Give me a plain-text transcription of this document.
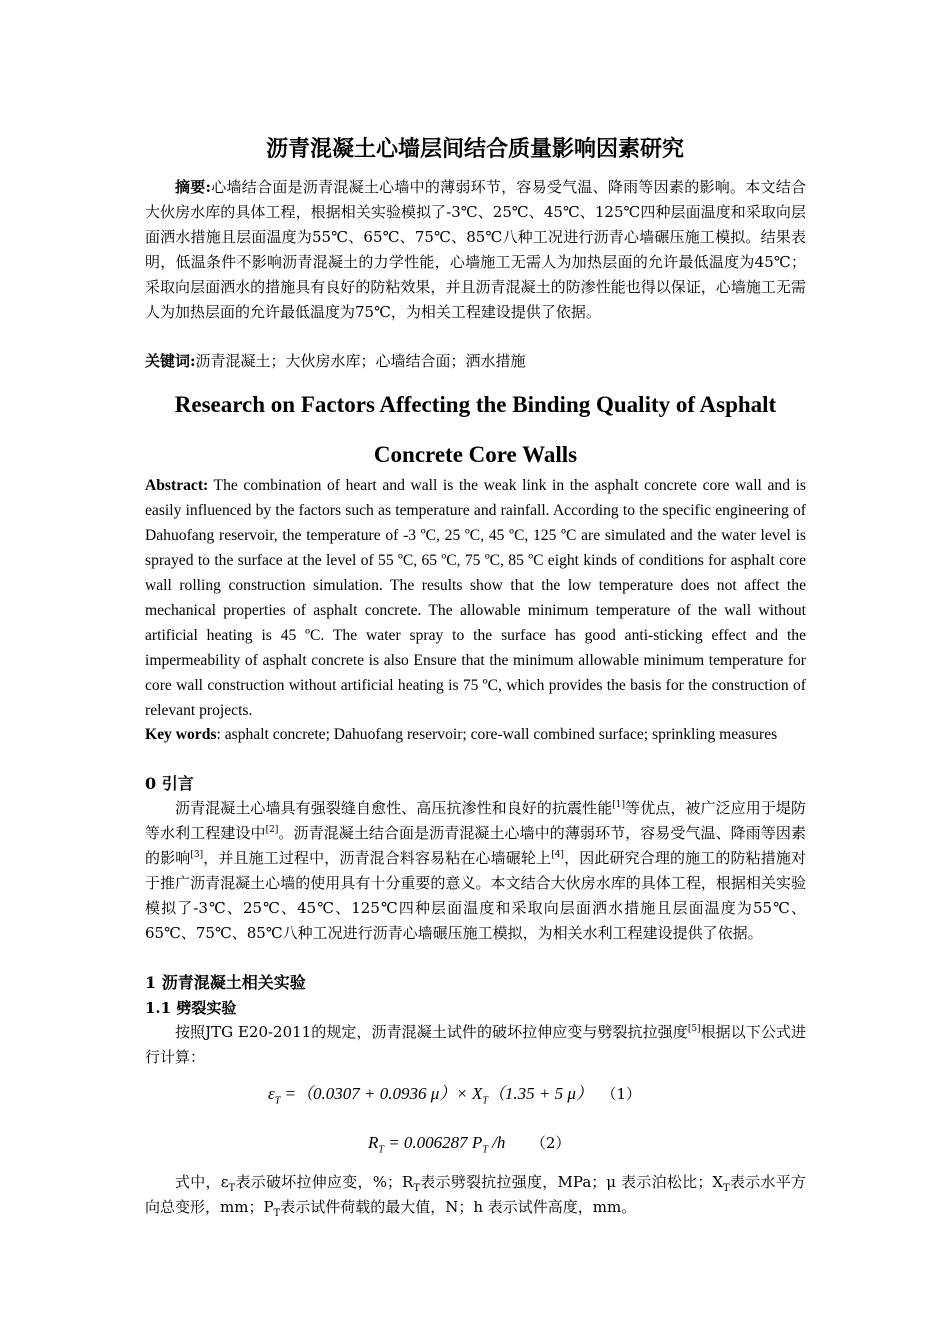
沥青混凝土心墙层间结合质量影响因素研究

摘要:心墙结合面是沥青混凝土心墙中的薄弱环节，容易受气温、降雨等因素的影响。本文结合大伙房水库的具体工程，根据相关实验模拟了-3℃、25℃、45℃、125℃四种层面温度和采取向层面洒水措施且层面温度为55℃、65℃、75℃、85℃八种工况进行沥青心墙碾压施工模拟。结果表明，低温条件不影响沥青混凝土的力学性能，心墙施工无需人为加热层面的允许最低温度为45℃；采取向层面洒水的措施具有良好的防粘效果，并且沥青混凝土的防渗性能也得以保证，心墙施工无需人为加热层面的允许最低温度为75℃，为相关工程建设提供了依据。

关键词:沥青混凝土；大伙房水库；心墙结合面；洒水措施

Research on Factors Affecting the Binding Quality of Asphalt Concrete Core Walls

Abstract: The combination of heart and wall is the weak link in the asphalt concrete core wall and is easily influenced by the factors such as temperature and rainfall. According to the specific engineering of Dahuofang reservoir, the temperature of -3 ºC, 25 ºC, 45 ºC, 125 ºC are simulated and the water level is sprayed to the surface at the level of 55 ºC, 65 ºC, 75 ºC, 85 ºC eight kinds of conditions for asphalt core wall rolling construction simulation. The results show that the low temperature does not affect the mechanical properties of asphalt concrete. The allowable minimum temperature of the wall without artificial heating is 45 ºC. The water spray to the surface has good anti-sticking effect and the impermeability of asphalt concrete is also Ensure that the minimum allowable minimum temperature for core wall construction without artificial heating is 75 ºC, which provides the basis for the construction of relevant projects.

Key words: asphalt concrete; Dahuofang reservoir; core-wall combined surface; sprinkling measures

0 引言

沥青混凝土心墙具有强裂缝自愈性、高压抗渗性和良好的抗震性能[1]等优点，被广泛应用于堤防等水利工程建设中[2]。沥青混凝土结合面是沥青混凝土心墙中的薄弱环节，容易受气温、降雨等因素的影响[3]，并且施工过程中，沥青混合料容易粘在心墙碾轮上[4]，因此研究合理的施工的防粘措施对于推广沥青混凝土心墙的使用具有十分重要的意义。本文结合大伙房水库的具体工程，根据相关实验模拟了-3℃、25℃、45℃、125℃四种层面温度和采取向层面洒水措施且层面温度为55℃、65℃、75℃、85℃八种工况进行沥青心墙碾压施工模拟，为相关水利工程建设提供了依据。

1 沥青混凝土相关实验
1.1 劈裂实验

按照JTG E20-2011的规定，沥青混凝土试件的破坏拉伸应变与劈裂抗拉强度[5]根据以下公式进行计算：

$\varepsilon_T =(0.0307 + 0.0936$ $\mu)\times X_T(1.35 + 5$ μ） （1）
$R_T = 0.006287$ $P_T$ /h （2）

式中，$\varepsilon_T$表示破坏拉伸应变，%；$R_T$表示劈裂抗拉强度，MPa；μ 表示泊松比；$X_T$表示水平方向总变形，mm；$P_T$表示试件荷载的最大值，N；h 表示试件高度，mm。
